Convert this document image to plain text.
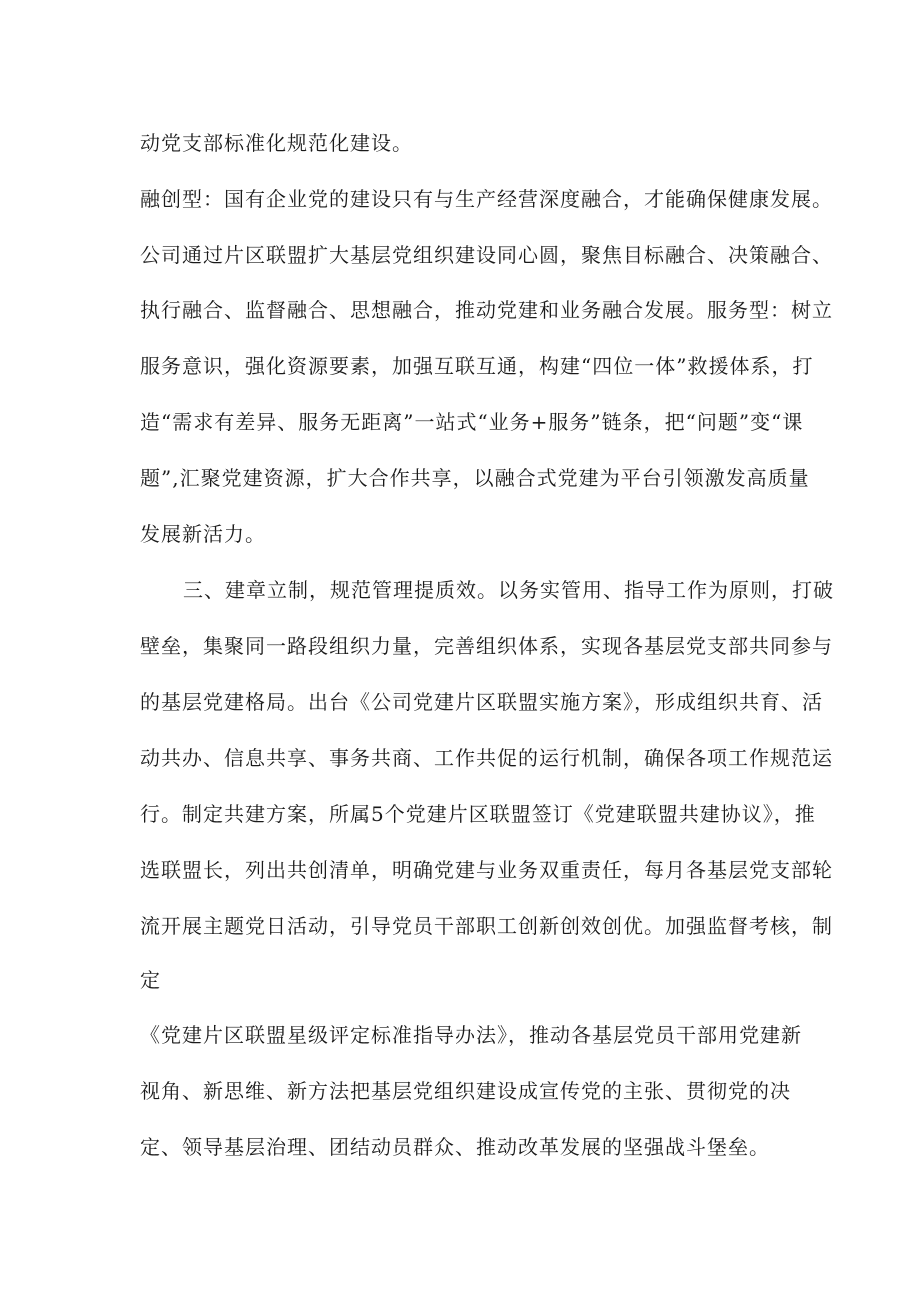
动党支部标准化规范化建设。
融创型：国有企业党的建设只有与生产经营深度融合，才能确保健康发展。
公司通过片区联盟扩大基层党组织建设同心圆，聚焦目标融合、决策融合、
执行融合、监督融合、思想融合，推动党建和业务融合发展。服务型：树立
服务意识，强化资源要素，加强互联互通，构建“四位一体”救援体系，打
造“需求有差异、服务无距离”一站式“业务+服务”链条，把“问题”变“课
题”,汇聚党建资源，扩大合作共享，以融合式党建为平台引领激发高质量
发展新活力。
三、建章立制，规范管理提质效。以务实管用、指导工作为原则，打破
壁垒，集聚同一路段组织力量，完善组织体系，实现各基层党支部共同参与
的基层党建格局。出台《公司党建片区联盟实施方案》，形成组织共育、活
动共办、信息共享、事务共商、工作共促的运行机制，确保各项工作规范运
行。制定共建方案，所属5个党建片区联盟签订《党建联盟共建协议》，推
选联盟长，列出共创清单，明确党建与业务双重责任，每月各基层党支部轮
流开展主题党日活动，引导党员干部职工创新创效创优。加强监督考核，制
定
《党建片区联盟星级评定标准指导办法》，推动各基层党员干部用党建新
视角、新思维、新方法把基层党组织建设成宣传党的主张、贯彻党的决
定、领导基层治理、团结动员群众、推动改革发展的坚强战斗堡垒。
